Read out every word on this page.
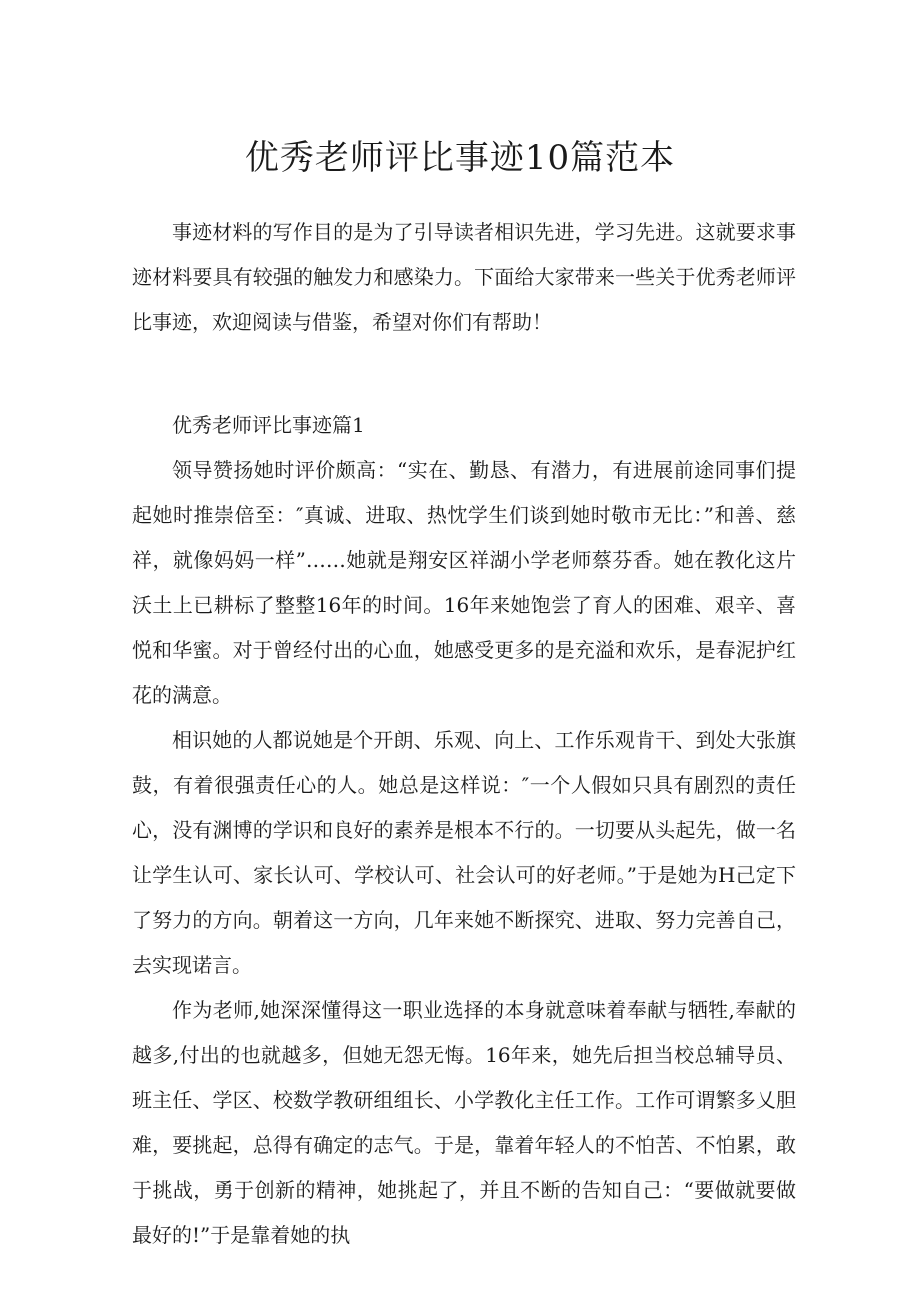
优秀老师评比事迹10篇范本

事迹材料的写作目的是为了引导读者相识先进，学习先进。这就要求事迹材料要具有较强的触发力和感染力。下面给大家带来一些关于优秀老师评比事迹，欢迎阅读与借鉴，希望对你们有帮助！

优秀老师评比事迹篇1

领导赞扬她时评价颇高：“实在、勤恳、有潜力，有进展前途同事们提起她时推崇倍至：″真诚、进取、热忱学生们谈到她时敬市无比：”和善、慈祥，就像妈妈一样”……她就是翔安区祥湖小学老师蔡芬香。她在教化这片沃土上已耕标了整整16年的时间。16年来她饱尝了育人的困难、艰辛、喜悦和华蜜。对于曾经付出的心血，她感受更多的是充溢和欢乐，是春泥护红花的满意。

相识她的人都说她是个开朗、乐观、向上、工作乐观肯干、到处大张旗鼓，有着很强责任心的人。她总是这样说：″一个人假如只具有剧烈的责任心，没有渊博的学识和良好的素养是根本不行的。一切要从头起先，做一名让学生认可、家长认可、学校认可、社会认可的好老师。”于是她为H己定下了努力的方向。朝着这一方向，几年来她不断探究、进取、努力完善自己，去实现诺言。

作为老师,她深深懂得这一职业选择的本身就意味着奉献与牺牲,奉献的越多,付出的也就越多，但她无怨无悔。16年来，她先后担当校总辅导员、班主任、学区、校数学教研组组长、小学教化主任工作。工作可谓繁多乂胆难，要挑起，总得有确定的志气。于是，靠着年轻人的不怕苦、不怕累，敢于挑战，勇于创新的精神，她挑起了，并且不断的告知自己：“要做就要做最好的!”于是靠着她的执
